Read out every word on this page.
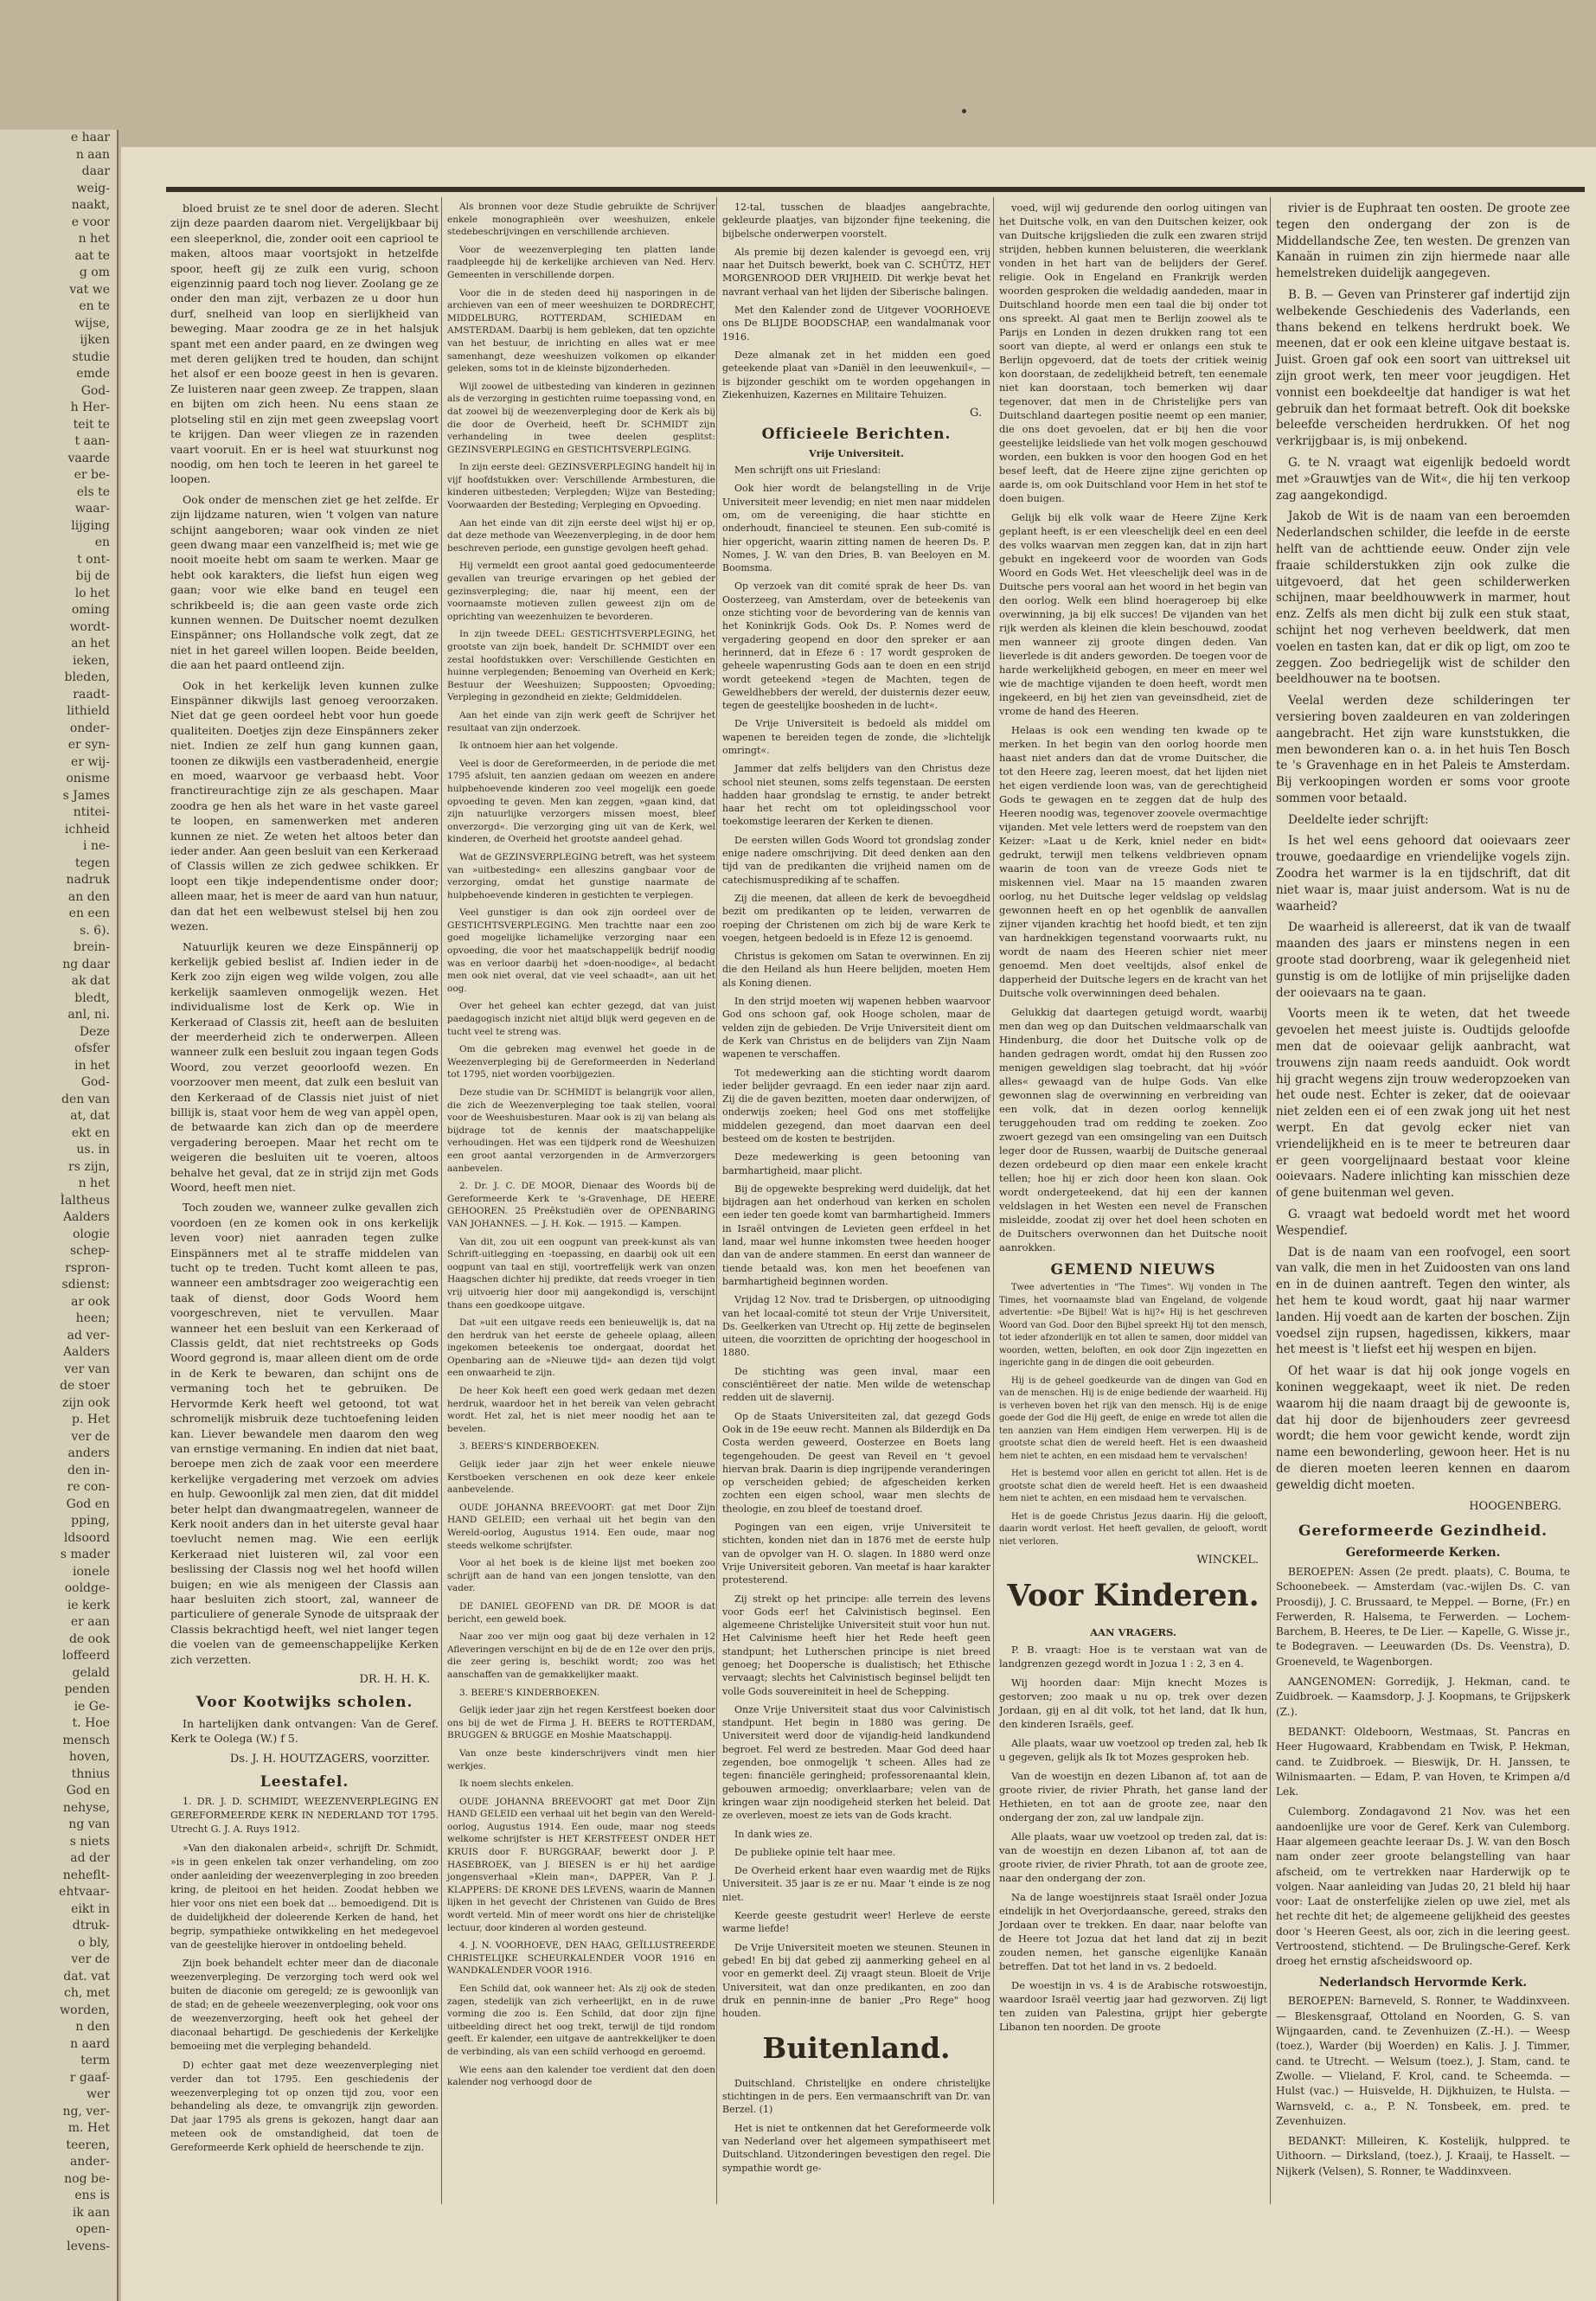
e haar
n aan
daar
weig-
naakt,
e voor
n het
aat te
g om
vat we
en te
wijse,
ijken
studie
emde
God-
h Her-
teit te
t aan-
vaarde
er be-
els te
waar-
lijging
en
t ont-
bij de
lo het
oming
wordt-
an het
ieken,
bleden,
raadt-
lithield
onder-
er syn-
er wij-
onisme
s James
ntitei-
ichheid
i ne-
tegen
nadruk
an den
en een
s. 6).
brein-
ng daar
ak dat
bledt,
anl, ni.
Deze
ofsfer
in het
God-
den van
at, dat
ekt en
us. in
rs zijn,
n het
Ìaltheus
Aalders
ologie
schep-
rspron-
sdienst:
ar ook
heen;
ad ver-
Aalders
ver van
de stoer
zijn ook
p. Het
ver de
anders
den in-
re con-
God en
pping,
ldsoord
s mader
ionele
ooldge-
ie kerk
er aan
de ook
loffeerd
gelald
penden
ie Ge-
t. Hoe
mensch
hoven,
thnius
God en
nehyse,
ng van
s niets
ad der
neheflt-
ehtvaar-
eikt in
dtruk-
o bly,
ver de
dat. vat
ch, met
worden,
n den
n aard
term
r gaaf-
wer
ng, ver-
m. Het
teeren,
ander-
nog be-
ens is
ik aan
open-
levens-

bloed bruist ze te snel door de aderen. Slecht zijn deze paarden daarom niet. Vergelijkbaar bij een sleeperknol, die, zonder ooit een capriool te maken, altoos maar voortsjokt in hetzelfde spoor, heeft gij ze zulk een vurig, schoon eigenzinnig paard toch nog liever. Zoolang ge ze onder den man zijt, verbazen ze u door hun durf, snelheid van loop en sierlijkheid van beweging. Maar zoodra ge ze in het halsjuk spant met een ander paard, en ze dwingen weg met deren gelijken tred te houden, dan schijnt het alsof er een booze geest in hen is gevaren. Ze luisteren naar geen zweep. Ze trappen, slaan en bijten om zich heen. Nu eens staan ze plotseling stil en zijn met geen zweepslag voort te krijgen. Dan weer vliegen ze in razenden vaart vooruit. En er is heel wat stuurkunst nog noodig, om hen toch te leeren in het gareel te loopen.

Ook onder de menschen ziet ge het zelfde. Er zijn lijdzame naturen, wien 't volgen van nature schijnt aangeboren; waar ook vinden ze niet geen dwang maar een vanzelfheid is; met wie ge nooit moeite hebt om saam te werken. Maar ge hebt ook karakters, die liefst hun eigen weg gaan; voor wie elke band en teugel een schrikbeeld is; die aan geen vaste orde zich kunnen wennen. De Duitscher noemt dezulken Einspänner; ons Hollandsche volk zegt, dat ze niet in het gareel willen loopen. Beide beelden, die aan het paard ontleend zijn.

Ook in het kerkelijk leven kunnen zulke Einspänner dikwijls last genoeg veroorzaken. Niet dat ge geen oordeel hebt voor hun goede qualiteiten. Doetjes zijn deze Einspänners zeker niet. Indien ze zelf hun gang kunnen gaan, toonen ze dikwijls een vastberadenheid, energie en moed, waarvoor ge verbaasd hebt. Voor franctireurachtige zijn ze als geschapen. Maar zoodra ge hen als het ware in het vaste gareel te loopen, en samenwerken met anderen kunnen ze niet. Ze weten het altoos beter dan ieder ander. Aan geen besluit van een Kerkeraad of Classis willen ze zich gedwee schikken. Er loopt een tikje independentisme onder door; alleen maar, het is meer de aard van hun natuur, dan dat het een welbewust stelsel bij hen zou wezen.

Natuurlijk keuren we deze Einspännerij op kerkelijk gebied beslist af. Indien ieder in de Kerk zoo zijn eigen weg wilde volgen, zou alle kerkelijk saamleven onmogelijk wezen. Het individualisme lost de Kerk op. Wie in Kerkeraad of Classis zit, heeft aan de besluiten der meerderheid zich te onderwerpen. Alleen wanneer zulk een besluit zou ingaan tegen Gods Woord, zou verzet geoorloofd wezen. En voorzoover men meent, dat zulk een besluit van den Kerkeraad of de Classis niet juist of niet billijk is, staat voor hem de weg van appèl open, de betwaarde kan zich dan op de meerdere vergadering beroepen. Maar het recht om te weigeren die besluiten uit te voeren, altoos behalve het geval, dat ze in strijd zijn met Gods Woord, heeft men niet.

Toch zouden we, wanneer zulke gevallen zich voordoen (en ze komen ook in ons kerkelijk leven voor) niet aanraden tegen zulke Einspänners met al te straffe middelen van tucht op te treden. Tucht komt alleen te pas, wanneer een ambtsdrager zoo weigerachtig een taak of dienst, door Gods Woord hem voorgeschreven, niet te vervullen. Maar wanneer het een besluit van een Kerkeraad of Classis geldt, dat niet rechtstreeks op Gods Woord gegrond is, maar alleen dient om de orde in de Kerk te bewaren, dan schijnt ons de vermaning toch het te gebruiken. De Hervormde Kerk heeft wel getoond, tot wat schromelijk misbruik deze tuchtoefening leiden kan. Liever bewandele men daarom den weg van ernstige vermaning. En indien dat niet baat, beroepe men zich de zaak voor een meerdere kerkelijke vergadering met verzoek om advies en hulp. Gewoonlijk zal men zien, dat dit middel beter helpt dan dwangmaatregelen, wanneer de Kerk nooit anders dan in het uiterste geval haar toevlucht nemen mag. Wie een eerlijk Kerkeraad niet luisteren wil, zal voor een beslissing der Classis nog wel het hoofd willen buigen; en wie als menigeen der Classis aan haar besluiten zich stoort, zal, wanneer de particuliere of generale Synode de uitspraak der Classis bekrachtigd heeft, wel niet langer tegen die voelen van de gemeenschappelijke Kerken zich verzetten.

DR. H. H. K.

Voor Kootwijks scholen.

In hartelijken dank ontvangen: Van de Geref. Kerk te Oolega (W.) f 5.

Ds. J. H. HOUTZAGERS, voorzitter.

Leestafel.

1. DR. J. D. SCHMIDT, WEEZENVERPLEGING EN GEREFORMEERDE KERK IN NEDERLAND TOT 1795. Utrecht G. J. A. Ruys 1912.

»Van den diakonalen arbeid«, schrijft Dr. Schmidt, »is in geen enkelen tak onzer verhandeling, om zoo onder aanleiding der weezenverpleging in zoo breeden kring, de pleitooi en het heiden. Zoodat hebben we hier voor ons niet een boek dat ... bemoedigend. Dit is de duidelijkheid der doleerende Kerken de hand, het begrip, sympathieke ontwikkeling en het medegevoel van de geestelijke hierover in ontdoeling beheld.

Zijn boek behandelt echter meer dan de diaconale weezenverpleging. De verzorging toch werd ook wel buiten de diaconie om geregeld; ze is gewoonlijk van de stad; en de geheele weezenverpleging, ook voor ons de weezenverzorging, heeft ook het geheel der diaconaal behartigd. De geschiedenis der Kerkelijke bemoeiing met die verpleging behandeld.

D) echter gaat met deze weezenverpleging niet verder dan tot 1795. Een geschiedenis der weezenverpleging tot op onzen tijd zou, voor een behandeling als deze, te omvangrijk zijn geworden. Dat jaar 1795 als grens is gekozen, hangt daar aan meteen ook de omstandigheid, dat toen de Gereformeerde Kerk ophield de heerschende te zijn.

Als bronnen voor deze Studie gebruikte de Schrijver enkele monographieën over weeshuizen, enkele stedebeschrijvingen en verschillende archieven.

Voor de weezenverpleging ten platten lande raadpleegde hij de kerkelijke archieven van Ned. Herv. Gemeenten in verschillende dorpen.

Voor die in de steden deed hij nasporingen in de archieven van een of meer weeshuizen te DORDRECHT, MIDDELBURG, ROTTERDAM, SCHIEDAM en AMSTERDAM. Daarbij is hem gebleken, dat ten opzichte van het bestuur, de inrichting en alles wat er mee samenhangt, deze weeshuizen volkomen op elkander geleken, soms tot in de kleinste bijzonderheden.

Wijl zoowel de uitbesteding van kinderen in gezinnen als de verzorging in gestichten ruime toepassing vond, en dat zoowel bij de weezenverpleging door de Kerk als bij die door de Overheid, heeft Dr. SCHMIDT zijn verhandeling in twee deelen gesplitst: GEZINSVERPLEGING en GESTICHTSVERPLEGING.

In zijn eerste deel: GEZINSVERPLEGING handelt hij in vijf hoofdstukken over: Verschillende Armbesturen, die kinderen uitbesteden; Verplegden; Wijze van Besteding; Voorwaarden der Besteding; Verpleging en Opvoeding.

Aan het einde van dit zijn eerste deel wijst hij er op, dat deze methode van Weezenverpleging, in de door hem beschreven periode, een gunstige gevolgen heeft gehad.

Hij vermeldt een groot aantal goed gedocumenteerde gevallen van treurige ervaringen op het gebied der gezinsverpleging; die, naar hij meent, een der voornaamste motieven zullen geweest zijn om de oprichting van weezenhuizen te bevorderen.

In zijn tweede DEEL: GESTICHTSVERPLEGING, het grootste van zijn boek, handelt Dr. SCHMIDT over een zestal hoofdstukken over: Verschillende Gestichten en huinne verplegenden; Benoeming van Overheid en Kerk; Bestuur der Weeshuizen; Suppoosten; Opvoeding; Verpleging in gezondheid en ziekte; Geldmiddelen.

Aan het einde van zijn werk geeft de Schrijver het resultaat van zijn onderzoek.

Ik ontnoem hier aan het volgende.

Veel is door de Gereformeerden, in de periode die met 1795 afsluit, ten aanzien gedaan om weezen en andere hulpbehoevende kinderen zoo veel mogelijk een goede opvoeding te geven. Men kan zeggen, »gaan kind, dat zijn natuurlijke verzorgers missen moest, bleef onverzorgd«. Die verzorging ging uit van de Kerk, wel kinderen, de Overheid het grootste aandeel gehad.

Wat de GEZINSVERPLEGING betreft, was het systeem van »uitbesteding« een alleszins gangbaar voor de verzorging, omdat het gunstige naarmate de hulpbehoevende kinderen in gestichten te verplegen.

Veel gunstiger is dan ook zijn oordeel over de GESTICHTSVERPLEGING. Men trachtte naar een zoo goed mogelijke lichamelijke verzorging naar een opvoeding, die voor het maatschappelijk bedrijf noodig was en verloor daarbij het »doen-noodige«, al bedacht men ook niet overal, dat vie veel schaadt«, aan uit het oog.

Over het geheel kan echter gezegd, dat van juist paedagogisch inzicht niet altijd blijk werd gegeven en de tucht veel te streng was.

Om die gebreken mag evenwel het goede in de Weezenverpleging bij de Gereformeerden in Nederland tot 1795, niet worden voorbijgezien.

Deze studie van Dr. SCHMIDT is belangrijk voor allen, die zich de Weezenverpleging toe taak stellen, vooral voor de Weeshuisbesturen. Maar ook is zij van belang als bijdrage tot de kennis der maatschappelijke verhoudingen. Het was een tijdperk rond de Weeshuizen een groot aantal verzorgenden in de Armverzorgers aanbevelen.

2. Dr. J. C. DE MOOR, Dienaar des Woords bij de Gereformeerde Kerk te 's-Gravenhage, DE HEERE GEHOOREN. 25 Preêkstudiën over de OPENBARING VAN JOHANNES. — J. H. Kok. — 1915. — Kampen.

Van dit, zou uit een oogpunt van preek-kunst als van Schrift-uitlegging en -toepassing, en daarbij ook uit een oogpunt van taal en stijl, voortreffelijk werk van onzen Haagschen dichter hij predikte, dat reeds vroeger in tien vrij uitvoerig hier door mij aangekondigd is, verschijnt thans een goedkoope uitgave.

Dat »uit een uitgave reeds een benieuwelijk is, dat na den herdruk van het eerste de geheele oplaag, alleen ingekomen beteekenis toe ondergaat, doordat het Openbaring aan de »Nieuwe tijd« aan dezen tijd volgt een onwaarheid te zijn.

De heer Kok heeft een goed werk gedaan met dezen herdruk, waardoor het in het bereik van velen gebracht wordt. Het zal, het is niet meer noodig het aan te bevelen.

3. BEERS'S KINDERBOEKEN.

Gelijk ieder jaar zijn het weer enkele nieuwe Kerstboeken verschenen en ook deze keer enkele aanbevelende.

OUDE JOHANNA BREEVOORT: gat met Door Zijn HAND GELEID; een verhaal uit het begin van den Wereld-oorlog, Augustus 1914. Een oude, maar nog steeds welkome schrijfster.

Voor al het boek is de kleine lijst met boeken zoo schrijft aan de hand van een jongen tenslotte, van den vader.

DE DANIEL GEOFEND van DR. DE MOOR is dat bericht, een geweld boek.

Naar zoo ver mijn oog gaat bij deze verhalen in 12 Afleveringen verschijnt en bij de de en 12e over den prijs, die zeer gering is, beschikt wordt; zoo was het aanschaffen van de gemakkelijker maakt.

3. BEERE'S KINDERBOEKEN.

Gelijk ieder jaar zijn het regen Kerstfeest boeken door ons bij de wet de Firma J. H. BEERS te ROTTERDAM, BRUGGEN & BRUGGE en Moshie Maatschappij.

Van onze beste kinderschrijvers vindt men hier werkjes.

Ik noem slechts enkelen.

OUDE JOHANNA BREEVOORT gat met Door Zijn HAND GELEID een verhaal uit het begin van den Wereld-oorlog, Augustus 1914. Een oude, maar nog steeds welkome schrijfster is HET KERSTFEEST ONDER HET KRUIS door F. BURGGRAAF, bewerkt door J. P. HASEBROEK, van J. BIESEN is er hij het aardige jongensverhaal »Klein man«, DAPPER, Van P. J. KLAPPERS: DE KRONE DES LEVENS, waarin de Mannen lijken in het gevecht der Christenen van Guido de Bres wordt verteld. Min of meer wordt ons hier de christelijke lectuur, door kinderen al worden gesteund.

4. J. N. VOORHOEVE, DEN HAAG, GEÏLLUSTREERDE CHRISTELIJKE SCHEURKALENDER VOOR 1916 en WANDKALENDER VOOR 1916.

Een Schild dat, ook wanneer het: Als zij ook de steden zagen, stedelijk van zich verheerlijkt, en in de ruwe vorming die zoo is. Een Schild, dat door zijn fijne uitbeelding direct het oog trekt, terwijl de tijd rondom geeft. Er kalender, een uitgave de aantrekkelijker te doen de verbinding, als van een schild verhoogd en geroemd.

Wie eens aan den kalender toe verdient dat den doen kalender nog verhoogd door de

12-tal, tusschen de blaadjes aangebrachte, gekleurde plaatjes, van bijzonder fijne teekening, die bijbelsche onderwerpen voorstelt.

Als premie bij dezen kalender is gevoegd een, vrij naar het Duitsch bewerkt, boek van C. SCHÜTZ, HET MORGENROOD DER VRIJHEID. Dit werkje bevat het navrant verhaal van het lijden der Siberische balingen.

Met den Kalender zond de Uitgever VOORHOEVE ons De BLIJDE BOODSCHAP, een wandalmanak voor 1916.

Deze almanak zet in het midden een goed geteekende plaat van »Daniël in den leeuwenkuil«, — is bijzonder geschikt om te worden opgehangen in Ziekenhuizen, Kazernes en Militaire Tehuizen.

G.

Officieele Berichten.

Vrije Universiteit.

Men schrijft ons uit Friesland:

Ook hier wordt de belangstelling in de Vrije Universiteit meer levendig; en niet men naar middelen om, om de vereeniging, die haar stichtte en onderhoudt, financieel te steunen. Een sub-comité is hier opgericht, waarin zitting namen de heeren Ds. P. Nomes, J. W. van den Dries, B. van Beeloyen en M. Boomsma.

Op verzoek van dit comité sprak de heer Ds. van Oosterzeeg, van Amsterdam, over de beteekenis van onze stichting voor de bevordering van de kennis van het Koninkrijk Gods. Ook Ds. P. Nomes werd de vergadering geopend en door den spreker er aan herinnerd, dat in Efeze 6 : 17 wordt gesproken de geheele wapenrusting Gods aan te doen en een strijd wordt geteekend »tegen de Machten, tegen de Geweldhebbers der wereld, der duisternis dezer eeuw, tegen de geestelijke boosheden in de lucht«.

De Vrije Universiteit is bedoeld als middel om wapenen te bereiden tegen de zonde, die »lichtelijk omringt«.

Jammer dat zelfs belijders van den Christus deze school niet steunen, soms zelfs tegenstaan. De eersten hadden haar grondslag te ernstig, te ander betrekt haar het recht om tot opleidingsschool voor toekomstige leeraren der Kerken te dienen.

De eersten willen Gods Woord tot grondslag zonder enige nadere omschrijving. Dit deed denken aan den tijd van de predikanten die vrijheid namen om de catechismusprediking af te schaffen.

Zij die meenen, dat alleen de kerk de bevoegdheid bezit om predikanten op te leiden, verwarren de roeping der Christenen om zich bij de ware Kerk te voegen, hetgeen bedoeld is in Efeze 12 is genoemd.

Christus is gekomen om Satan te overwinnen. En zij die den Heiland als hun Heere belijden, moeten Hem als Koning dienen.

In den strijd moeten wij wapenen hebben waarvoor God ons schoon gaf, ook Hooge scholen, maar de velden zijn de gebieden. De Vrije Universiteit dient om de Kerk van Christus en de belijders van Zijn Naam wapenen te verschaffen.

Tot medewerking aan die stichting wordt daarom ieder belijder gevraagd. En een ieder naar zijn aard. Zij die de gaven bezitten, moeten daar onderwijzen, of onderwijs zoeken; heel God ons met stoffelijke middelen gezegend, dan moet daarvan een deel besteed om de kosten te bestrijden.

Deze medewerking is geen betooning van barmhartigheid, maar plicht.

Bij de opgewekte bespreking werd duidelijk, dat het bijdragen aan het onderhoud van kerken en scholen een ieder ten goede komt van barmhartigheid. Immers in Israël ontvingen de Levieten geen erfdeel in het land, maar wel hunne inkomsten twee heeden hooger dan van de andere stammen. En eerst dan wanneer de tiende betaald was, kon men het beoefenen van barmhartigheid beginnen worden.

Vrijdag 12 Nov. trad te Drisbergen, op uitnoodiging van het locaal-comité tot steun der Vrije Universiteit, Ds. Geelkerken van Utrecht op. Hij zette de beginselen uiteen, die voorzitten de oprichting der hoogeschool in 1880.

De stichting was geen inval, maar een consciëntiëreet der natie. Men wilde de wetenschap redden uit de slavernij.

Op de Staats Universiteiten zal, dat gezegd Gods Ook in de 19e eeuw recht. Mannen als Bilderdijk en Da Costa werden geweerd, Oosterzee en Boets lang tegengehouden. De geest van Reveil en 't gevoel hiervan brak. Daarin is diep ingrijpende veranderingen op verscheiden gebied; de afgescheiden kerken zochten een eigen school, waar men slechts de theologie, en zou bleef de toestand droef.

Pogingen van een eigen, vrije Universiteit te stichten, konden niet dan in 1876 met de eerste hulp van de opvolger van H. O. slagen. In 1880 werd onze Vrije Universiteit geboren. Van meetaf is haar karakter protesterend.

Zij strekt op het principe: alle terrein des levens voor Gods eer! het Calvinistisch beginsel. Een algemeene Christelijke Universiteit stuit voor hun nut. Het Calvinisme heeft hier het Rede heeft geen standpunt; het Lutherschen principe is niet breed genoeg; het Doopersche is dualistisch; het Ethische vervaagt; slechts het Calvinistisch beginsel belijdt ten volle Gods souvereiniteit in heel de Schepping.

Onze Vrije Universiteit staat dus voor Calvinistisch standpunt. Het begin in 1880 was gering. De Universiteit werd door de vijandig-heid landkundend begroet. Fel werd ze bestreden. Maar God deed haar zegenden, boe onmogelijk 't scheen. Alles had ze tegen: financiële geringheid; professorenaantal klein, gebouwen armoedig; onverklaarbare; velen van de kringen waar zijn noodigeheid sterken het beleid. Dat ze overleven, moest ze iets van de Gods kracht.

In dank wies ze.

De publieke opinie telt haar mee.

De Overheid erkent haar even waardig met de Rijks Universiteit. 35 jaar is ze er nu. Maar 't einde is ze nog niet.

Keerde geeste gestudrit weer! Herleve de eerste warme liefde!

De Vrije Universiteit moeten we steunen. Steunen in gebed! En bij dat gebed zij aanmerking geheel en al voor en gemerkt deel. Zij vraagt steun. Bloeit de Vrije Universiteit, wat dan onze predikanten, en zoo dan druk en pennin-inne de banier „Pro Rege" hoog houden.

Buitenland.

Duitschland. Christelijke en ondere christelijke stichtingen in de pers. Een vermaanschrift van Dr. van Berzel. (1)

Het is niet te ontkennen dat het Gereformeerde volk van Nederland over het algemeen sympathiseert met Duitschland. Uitzonderingen bevestigen den regel. Die sympathie wordt ge-

voed, wijl wij gedurende den oorlog uitingen van het Duitsche volk, en van den Duitschen keizer, ook van Duitsche krijgslieden die zulk een zwaren strijd strijden, hebben kunnen beluisteren, die weerklank vonden in het hart van de belijders der Geref. religie. Ook in Engeland en Frankrijk werden woorden gesproken die weldadig aandeden, maar in Duitschland hoorde men een taal die bij onder tot ons spreekt. Al gaat men te Berlijn zoowel als te Parijs en Londen in dezen drukken rang tot een soort van diepte, al werd er onlangs een stuk te Berlijn opgevoerd, dat de toets der critiek weinig kon doorstaan, de zedelijkheid betreft, ten eenemale niet kan doorstaan, toch bemerken wij daar tegenover, dat men in de Christelijke pers van Duitschland daartegen positie neemt op een manier, die ons doet gevoelen, dat er bij hen die voor geestelijke leidsliede van het volk mogen geschouwd worden, een bukken is voor den hoogen God en het besef leeft, dat de Heere zijne zijne gerichten op aarde is, om ook Duitschland voor Hem in het stof te doen buigen.

Gelijk bij elk volk waar de Heere Zijne Kerk geplant heeft, is er een vleeschelijk deel en een deel des volks waarvan men zeggen kan, dat in zijn hart gebukt en ingekeerd voor de woorden van Gods Woord en Gods Wet. Het vleeschelijk deel was in de Duitsche pers vooral aan het woord in het begin van den oorlog. Welk een blind hoerageroep bij elke overwinning, ja bij elk succes! De vijanden van het rijk werden als kleinen die klein beschouwd, zoodat men wanneer zij groote dingen deden. Van lieverlede is dit anders geworden. De toegen voor de harde werkelijkheid gebogen, en meer en meer wel wie de machtige vijanden te doen heeft, wordt men ingekeerd, en bij het zien van geveinsdheid, ziet de vrome de hand des Heeren.

Helaas is ook een wending ten kwade op te merken. In het begin van den oorlog hoorde men haast niet anders dan dat de vrome Duitscher, die tot den Heere zag, leeren moest, dat het lijden niet het eigen verdiende loon was, van de gerechtigheid Gods te gewagen en te zeggen dat de hulp des Heeren noodig was, tegenover zoovele overmachtige vijanden. Met vele letters werd de roepstem van den Keizer: »Laat u de Kerk, kniel neder en bidt« gedrukt, terwijl men telkens veldbrieven opnam waarin de toon van de vreeze Gods niet te miskennen viel. Maar na 15 maanden zwaren oorlog, nu het Duitsche leger veldslag op veldslag gewonnen heeft en op het ogenblik de aanvallen zijner vijanden krachtig het hoofd biedt, et ten zijn van hardnekkigen tegenstand voorwaarts rukt, nu wordt de naam des Heeren schier niet meer genoemd. Men doet veeltijds, alsof enkel de dapperheid der Duitsche legers en de kracht van het Duitsche volk overwinningen deed behalen.

Gelukkig dat daartegen getuigd wordt, waarbij men dan weg op dan Duitschen veldmaarschalk van Hindenburg, die door het Duitsche volk op de handen gedragen wordt, omdat hij den Russen zoo menigen geweldigen slag toebracht, dat hij »vóór alles« gewaagd van de hulpe Gods. Van elke gewonnen slag de overwinning en verbreiding van een volk, dat in dezen oorlog kennelijk teruggehouden trad om redding te zoeken. Zoo zwoert gezegd van een omsingeling van een Duitsch leger door de Russen, waarbij de Duitsche generaal dezen ordebeurd op dien maar een enkele kracht tellen; hoe hij er zich door heen kon slaan. Ook wordt ondergeteekend, dat hij een der kannen veldslagen in het Westen een nevel de Franschen misleidde, zoodat zij over het doel heen schoten en de Duitschers overwonnen dan het Duitsche nooit aanrokken.

GEMEND NIEUWS

Twee advertenties in "The Times". Wij vonden in The Times, het voornaamste blad van Engeland, de volgende advertentie: »De Bijbel! Wat is hij?« Hij is het geschreven Woord van God. Door den Bijbel spreekt Hij tot den mensch, tot ieder afzonderlijk en tot allen te samen, door middel van woorden, wetten, beloften, en ook door Zijn ingezetten en ingerichte gang in de dingen die ooit gebeurden.

Hij is de geheel goedkeurde van de dingen van God en van de menschen. Hij is de enige bediende der waarheid. Hij is verheven boven het rijk van den mensch. Hij is de enige goede der God die Hij geeft, de enige en wrede tot allen die ten aanzien van Hem eindigen Hem verwerpen. Hij is de grootste schat dien de wereld heeft. Het is een dwaasheid hem niet te achten, en een misdaad hem te vervalschen!

Het is bestemd voor allen en gericht tot allen. Het is de grootste schat dien de wereld heeft. Het is een dwaasheid hem niet te achten, en een misdaad hem te vervalschen.

Het is de goede Christus Jezus daarin. Hij die gelooft, daarin wordt verlost. Het heeft gevallen, de gelooft, wordt niet verloren.

WINCKEL.

Voor Kinderen.

AAN VRAGERS.

P. B. vraagt: Hoe is te verstaan wat van de landgrenzen gezegd wordt in Jozua 1 : 2, 3 en 4.

Wij hoorden daar: Mijn knecht Mozes is gestorven; zoo maak u nu op, trek over dezen Jordaan, gij en al dit volk, tot het land, dat Ik hun, den kinderen Israëls, geef.

Alle plaats, waar uw voetzool op treden zal, heb Ik u gegeven, gelijk als Ik tot Mozes gesproken heb.

Van de woestijn en dezen Libanon af, tot aan de groote rivier, de rivier Phrath, het ganse land der Hethieten, en tot aan de groote zee, naar den ondergang der zon, zal uw landpale zijn.

Alle plaats, waar uw voetzool op treden zal, dat is: van de woestijn en dezen Libanon af, tot aan de groote rivier, de rivier Phrath, tot aan de groote zee, naar den ondergang der zon.

Na de lange woestijnreis staat Israël onder Jozua eindelijk in het Overjordaansche, gereed, straks den Jordaan over te trekken. En daar, naar belofte van de Heere tot Jozua dat het land dat zij in bezit zouden nemen, het gansche eigenlijke Kanaän betreffen. Dat tot het land in vs. 2 bedoeld.

De woestijn in vs. 4 is de Arabische rotswoestijn, waardoor Israël veertig jaar had gezworven. Zij ligt ten zuiden van Palestina, grijpt hier gebergte Libanon ten noorden. De groote

rivier is de Euphraat ten oosten. De groote zee tegen den ondergang der zon is de Middellandsche Zee, ten westen. De grenzen van Kanaän in ruimen zin zijn hiermede naar alle hemelstreken duidelijk aangegeven.

B. B. — Geven van Prinsterer gaf indertijd zijn welbekende Geschiedenis des Vaderlands, een thans bekend en telkens herdrukt boek. We meenen, dat er ook een kleine uitgave bestaat is. Juist. Groen gaf ook een soort van uittreksel uit zijn groot werk, ten meer voor jeugdigen. Het vonnist een boekdeeltje dat handiger is wat het gebruik dan het formaat betreft. Ook dit boekske beleefde verscheiden herdrukken. Of het nog verkrijgbaar is, is mij onbekend.

G. te N. vraagt wat eigenlijk bedoeld wordt met »Grauwtjes van de Wit«, die hij ten verkoop zag aangekondigd.

Jakob de Wit is de naam van een beroemden Nederlandschen schilder, die leefde in de eerste helft van de achttiende eeuw. Onder zijn vele fraaie schilderstukken zijn ook zulke die uitgevoerd, dat het geen schilderwerken schijnen, maar beeldhouwwerk in marmer, hout enz. Zelfs als men dicht bij zulk een stuk staat, schijnt het nog verheven beeldwerk, dat men voelen en tasten kan, dat er dik op ligt, om zoo te zeggen. Zoo bedriegelijk wist de schilder den beeldhouwer na te bootsen.

Veelal werden deze schilderingen ter versiering boven zaaldeuren en van zolderingen aangebracht. Het zijn ware kunststukken, die men bewonderen kan o. a. in het huis Ten Bosch te 's Gravenhage en in het Paleis te Amsterdam. Bij verkoopingen worden er soms voor groote sommen voor betaald.

Deeldelte ieder schrijft:

Is het wel eens gehoord dat ooievaars zeer trouwe, goedaardige en vriendelijke vogels zijn. Zoodra het warmer is la en tijdschrift, dat dit niet waar is, maar juist andersom. Wat is nu de waarheid?

De waarheid is allereerst, dat ik van de twaalf maanden des jaars er minstens negen in een groote stad doorbreng, waar ik gelegenheid niet gunstig is om de lotlijke of min prijselijke daden der ooievaars na te gaan.

Voorts meen ik te weten, dat het tweede gevoelen het meest juiste is. Oudtijds geloofde men dat de ooievaar gelijk aanbracht, wat trouwens zijn naam reeds aanduidt. Ook wordt hij gracht wegens zijn trouw wederopzoeken van het oude nest. Echter is zeker, dat de ooievaar niet zelden een ei of een zwak jong uit het nest werpt. En dat gevolg ecker niet van vriendelijkheid en is te meer te betreuren daar er geen voorgelijnaard bestaat voor kleine ooievaars. Nadere inlichting kan misschien deze of gene buitenman wel geven.

G. vraagt wat bedoeld wordt met het woord Wespendief.

Dat is de naam van een roofvogel, een soort van valk, die men in het Zuidoosten van ons land en in de duinen aantreft. Tegen den winter, als het hem te koud wordt, gaat hij naar warmer landen. Hij voedt aan de karten der boschen. Zijn voedsel zijn rupsen, hagedissen, kikkers, maar het meest is 't liefst eet hij wespen en bijen.

Of het waar is dat hij ook jonge vogels en koninen weggekaapt, weet ik niet. De reden waarom hij die naam draagt bij de gewoonte is, dat hij door de bijenhouders zeer gevreesd wordt; die hem voor gewicht kende, wordt zijn name een bewonderling, gewoon heer. Het is nu de dieren moeten leeren kennen en daarom geweldig dicht moeten.

HOOGENBERG.

Gereformeerde Gezindheid.

Gereformeerde Kerken.

BEROEPEN: Assen (2e predt. plaats), C. Bouma, te Schoonebeek. — Amsterdam (vac.-wijlen Ds. C. van Proosdij), J. C. Brussaard, te Meppel. — Borne, (Fr.) en Ferwerden, R. Halsema, te Ferwerden. — Lochem-Barchem, B. Heeres, te De Lier. — Kapelle, G. Wisse jr., te Bodegraven. — Leeuwarden (Ds. Ds. Veenstra), D. Groeneveld, te Wagenborgen.

AANGENOMEN: Gorredijk, J. Hekman, cand. te Zuidbroek. — Kaamsdorp, J. J. Koopmans, te Grijpskerk (Z.).

BEDANKT: Oldeboorn, Westmaas, St. Pancras en Heer Hugowaard, Krabbendam en Twisk, P. Hekman, cand. te Zuidbroek. — Bieswijk, Dr. H. Janssen, te Wilnismaarten. — Edam, P. van Hoven, te Krimpen a/d Lek.

Culemborg. Zondagavond 21 Nov. was het een aandoenlijke ure voor de Geref. Kerk van Culemborg. Haar algemeen geachte leeraar Ds. J. W. van den Bosch nam onder zeer groote belangstelling van haar afscheid, om te vertrekken naar Harderwijk op te volgen. Naar aanleiding van Judas 20, 21 bleld hij haar voor: Laat de onsterfelijke zielen op uwe ziel, met als het rechte dit het; de algemeene gelijkheid des geestes door 's Heeren Geest, als oor, zich in die leering geest. Vertroostend, stichtend. — De Brulingsche-Geref. Kerk droeg het ernstig afscheidswoord op.

Nederlandsch Hervormde Kerk.

BEROEPEN: Barneveld, S. Ronner, te Waddinxveen. — Bleskensgraaf, Ottoland en Noorden, G. S. van Wijngaarden, cand. te Zevenhuizen (Z.-H.). — Weesp (toez.), Warder (bij Woerden) en Kalis. J. J. Timmer, cand. te Utrecht. — Welsum (toez.), J. Stam, cand. te Zwolle. — Vlieland, F. Krol, cand. te Scheemda. — Hulst (vac.) — Huisvelde, H. Dijkhuizen, te Hulsta. — Warnsveld, c. a., P. N. Tonsbeek, em. pred. te Zevenhuizen.

BEDANKT: Milleiren, K. Kostelijk, hulppred. te Uithoorn. — Dirksland, (toez.), J. Kraaij, te Hasselt. — Nijkerk (Velsen), S. Ronner, te Waddinxveen.
